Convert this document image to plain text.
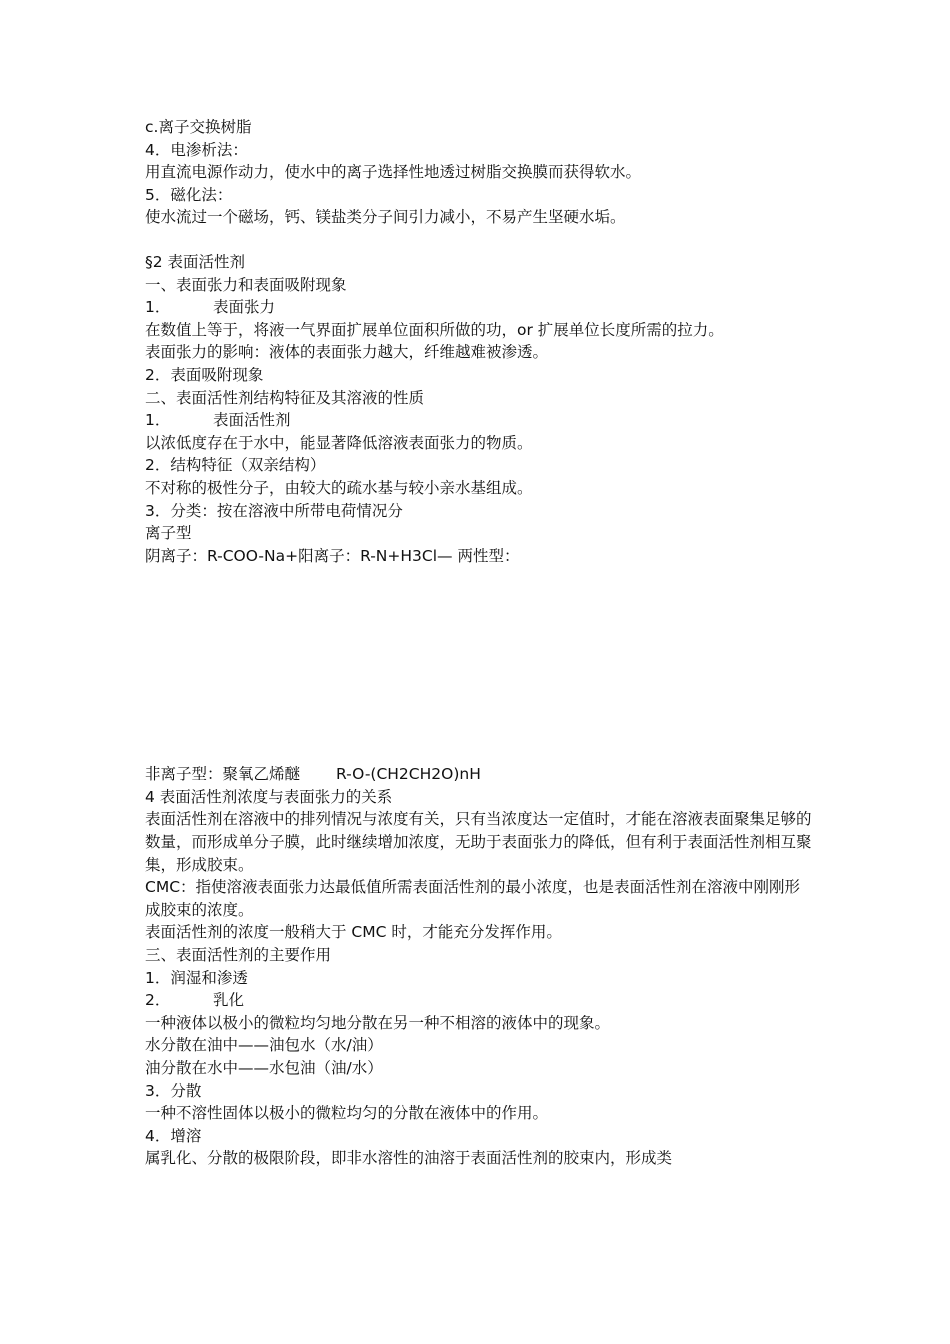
c.离子交换树脂
4．电渗析法：
用直流电源作动力，使水中的离子选择性地透过树脂交换膜而获得软水。
5．磁化法：
使水流过一个磁场，钙、镁盐类分子间引力减小，不易产生坚硬水垢。
§2 表面活性剂
一、表面张力和表面吸附现象
1．	表面张力
在数值上等于，将液一气界面扩展单位面积所做的功，or 扩展单位长度所需的拉力。
表面张力的影响：液体的表面张力越大，纤维越难被渗透。
2．表面吸附现象
二、表面活性剂结构特征及其溶液的性质
1．	表面活性剂
以浓低度存在于水中，能显著降低溶液表面张力的物质。
2．结构特征（双亲结构）
不对称的极性分子，由较大的疏水基与较小亲水基组成。
3．分类：按在溶液中所带电荷情况分
离子型
阴离子：R-COO-Na+阳离子：R-N+H3Cl— 两性型：
非离子型：聚氧乙烯醚 R-O-(CH2CH2O)nH
4 表面活性剂浓度与表面张力的关系
表面活性剂在溶液中的排列情况与浓度有关，只有当浓度达一定值时，才能在溶液表面聚集足够的数量，而形成单分子膜，此时继续增加浓度，无助于表面张力的降低，但有利于表面活性剂相互聚集，形成胶束。
CMC：指使溶液表面张力达最低值所需表面活性剂的最小浓度，也是表面活性剂在溶液中刚刚形成胶束的浓度。
表面活性剂的浓度一般稍大于 CMC 时，才能充分发挥作用。
三、表面活性剂的主要作用
1．润湿和渗透
2．	乳化
一种液体以极小的微粒均匀地分散在另一种不相溶的液体中的现象。
水分散在油中——油包水（水/油）
油分散在水中——水包油（油/水）
3．分散
一种不溶性固体以极小的微粒均匀的分散在液体中的作用。
4．增溶
属乳化、分散的极限阶段，即非水溶性的油溶于表面活性剂的胶束内，形成类
